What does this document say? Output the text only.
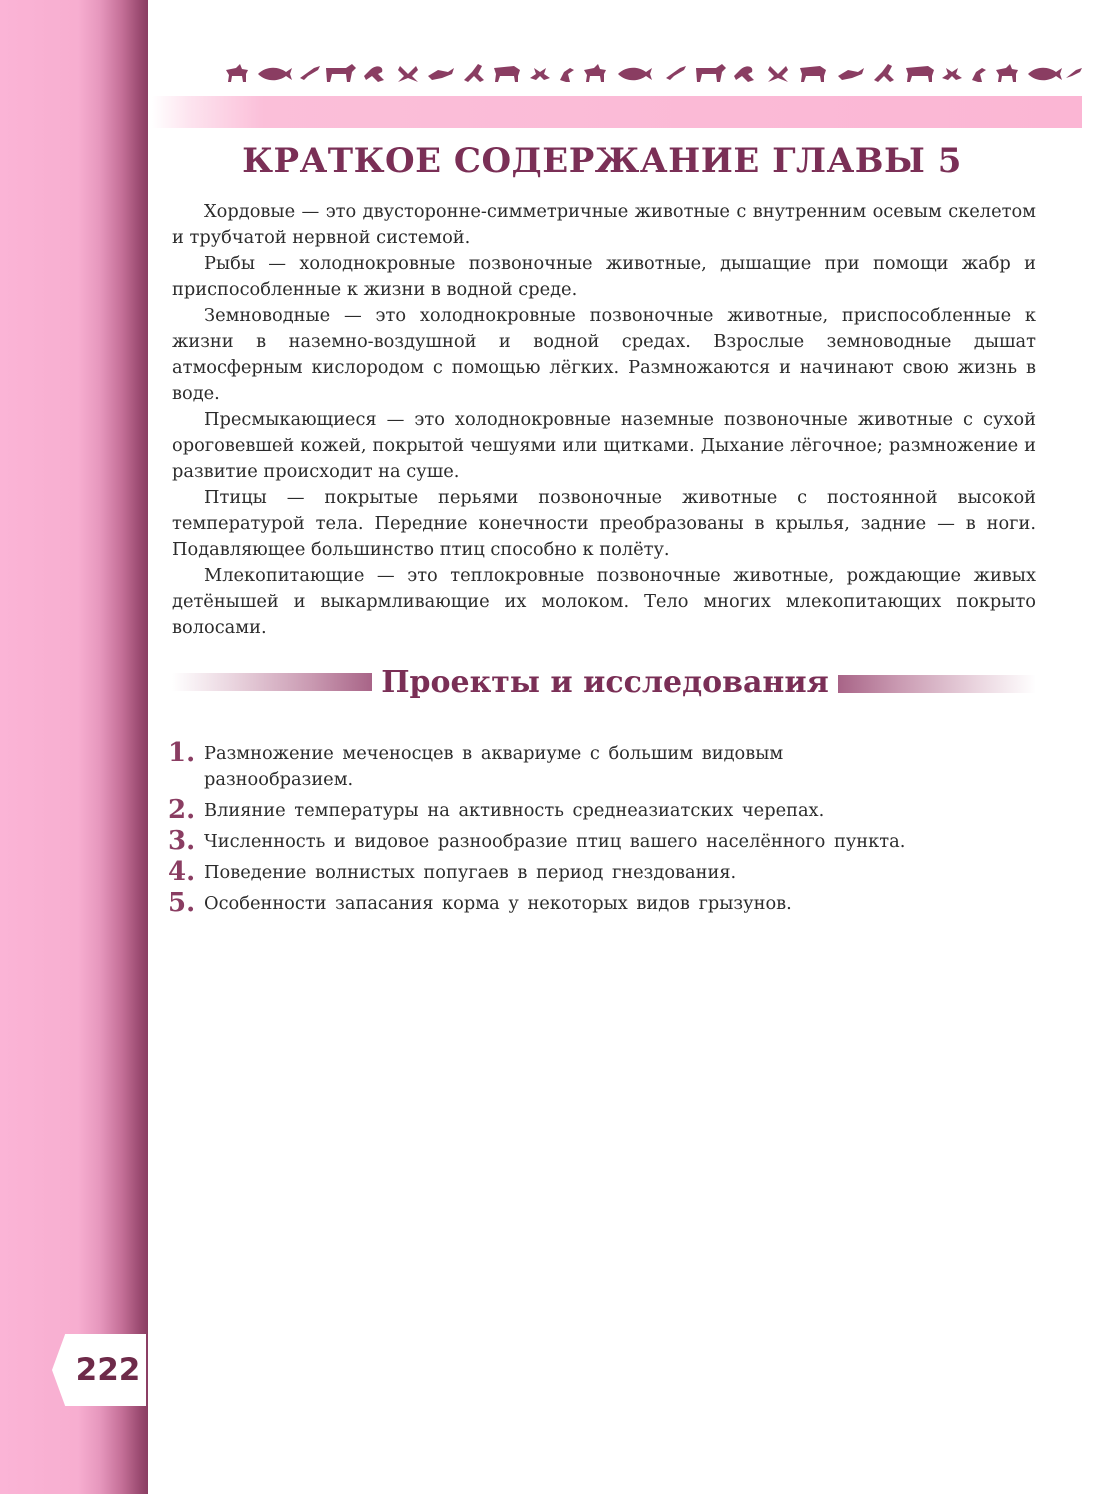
222
КРАТКОЕ СОДЕРЖАНИЕ ГЛАВЫ 5

Хордовые — это двусторонне-симметричные животные с внутренним осевым скелетом и трубчатой нервной системой.

Рыбы — холоднокровные позвоночные животные, дышащие при помощи жабр и приспособленные к жизни в водной среде.

Земноводные — это холоднокровные позвоночные животные, приспособленные к жизни в наземно-воздушной и водной средах. Взрослые земноводные дышат атмосферным кислородом с помощью лёгких. Размножаются и начинают свою жизнь в воде.

Пресмыкающиеся — это холоднокровные наземные позвоночные животные с сухой ороговевшей кожей, покрытой чешуями или щитками. Дыхание лёгочное; размножение и развитие происходит на суше.

Птицы — покрытые перьями позвоночные животные с постоянной высокой температурой тела. Передние конечности преобразованы в крылья, задние — в ноги. Подавляющее большинство птиц способно к полёту.

Млекопитающие — это теплокровные позвоночные животные, рождающие живых детёнышей и выкармливающие их молоком. Тело многих млекопитающих покрыто волосами.

Проекты и исследования
1. Размножение меченосцев в аквариуме с большим видовым разнообразием.
2. Влияние температуры на активность среднеазиатских черепах.
3. Численность и видовое разнообразие птиц вашего населённого пункта.
4. Поведение волнистых попугаев в период гнездования.
5. Особенности запасания корма у некоторых видов грызунов.
